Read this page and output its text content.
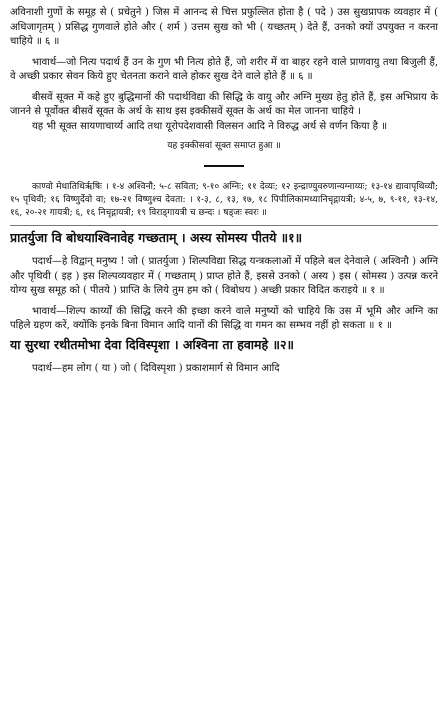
अविनाशी गुणों के समूह से ( प्रचेतुने ) जिस में आनन्द से चित्त प्रफुल्लित होता है ( पदे ) उस सुखप्रापक व्यवहार में ( अधिजागृतम् ) प्रसिद्ध गुणवाले होते और ( शर्म ) उत्तम सुख को भी ( यच्छतम् ) देते हैं, उनको क्यों उपयुक्त न करना चाहिये ॥ ६ ॥

भावार्थ—जो नित्य पदार्थ हैं उन के गुण भी नित्य होते हैं, जो शरीर में वा बाहर रहने वाले प्राणवायु तथा बिजुली हैं, वे अच्छी प्रकार सेवन किये हुए चेतनता कराने वाले होकर सुख देने वाले होते हैं ॥ ६ ॥

बीसवें सूक्त में कहे हुए बुद्धिमानों की पदार्थविद्या की सिद्धि के वायु और अग्नि मुख्य हेतु होते हैं, इस अभिप्राय के जानने से पूर्वोक्त बीसवें सूक्त के अर्थ के साथ इस इक्कीसवें सूक्त के अर्थ का मेल जानना चाहिये ।

यह भी सूक्त सायणाचार्य्य आदि तथा यूरोपदेशवासी विलसन आदि ने विरुद्ध अर्थ से वर्णन किया है ॥

यह इक्कीसवां सूक्त समाप्त हुआ ॥

काण्वो मेधातिथिर्ऋषिः । १-४ अश्विनौ; ५-८ सविता; ९-१० अग्निः; ११ देव्यः; १२ इन्द्राण्युवरुणान्यग्नाय्यः; १३-१४ द्यावापृथिव्यौ; १५ पृथिवी; १६ विष्णुर्देवो वा; १७-२१ विष्णुश्च देवता: । १-३, ८, १३, १७, १८ पिपीलिकामध्यानिचृद्गायत्री; ४-५, ७, ९-११, १३-१४, १६, २०-२१ गायत्री; ६, १६ निचृद्गायत्री; १९ विराड्गायत्री च छन्दः । षड्जः स्वरः ॥

प्रातर्युजा वि बोधयाश्विनावेह गच्छताम् । अस्य सोमस्य पीतये ॥१॥

पदार्थ—हे विद्वान् मनुष्य ! जो ( प्रातर्युजा ) शिल्पविद्या सिद्ध यन्त्रकलाओं में पहिले बल देनेवाले ( अश्विनौ ) अग्नि और पृथिवी ( इह ) इस शिल्पव्यवहार में ( गच्छताम् ) प्राप्त होते हैं, इससे उनको ( अस्य ) इस ( सोमस्य ) उत्पन्न करने योग्य सुख समूह को ( पीतये ) प्राप्ति के लिये तुम हम को ( विबोधय ) अच्छी प्रकार विदित कराइये ॥ १ ॥

भावार्थ—शिल्प कार्य्यों की सिद्धि करने की इच्छा करने वाले मनुष्यों को चाहिये कि उस में भूमि और अग्नि का पहिले ग्रहण करें, क्योंकि इनके बिना विमान आदि यानों की सिद्धि वा गमन का सम्भव नहीं हो सकता ॥ १ ॥

या सुरथा रथीतमोभा देवा दिविस्पृशा । अश्विना ता हवामहे ॥२॥

पदार्थ—हम लोग ( या ) जो ( दिविस्पृशा ) प्रकाशमार्ग से विमान आदि
